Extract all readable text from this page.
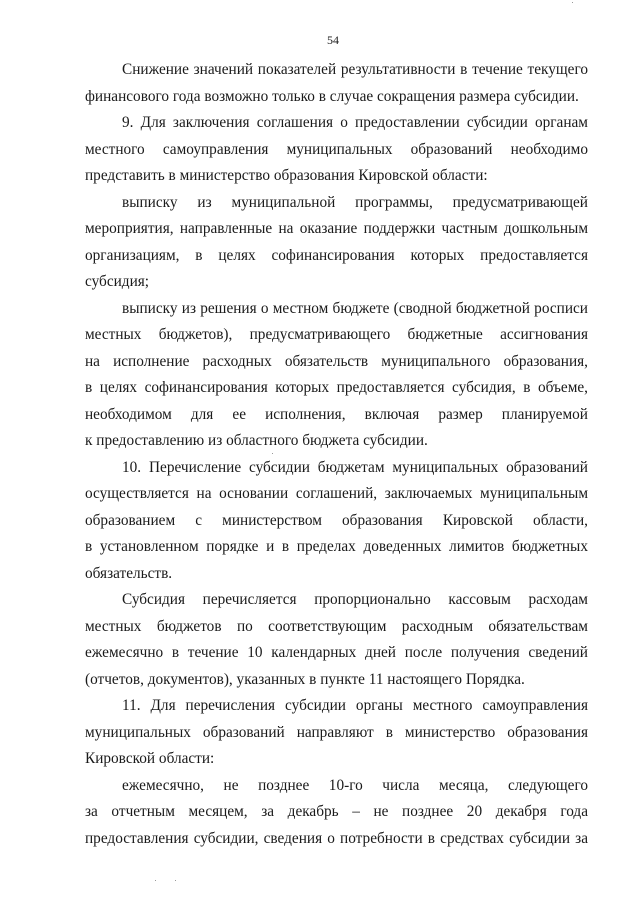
54
Снижение значений показателей результативности в течение текущего
финансового года возможно только в случае сокращения размера субсидии.
9. Для заключения соглашения о предоставлении субсидии органам
местного самоуправления муниципальных образований необходимо
представить в министерство образования Кировской области:
выписку из муниципальной программы, предусматривающей
мероприятия, направленные на оказание поддержки частным дошкольным
организациям, в целях софинансирования которых предоставляется
субсидия;
выписку из решения о местном бюджете (сводной бюджетной росписи
местных бюджетов), предусматривающего бюджетные ассигнования
на исполнение расходных обязательств муниципального образования,
в целях софинансирования которых предоставляется субсидия, в объеме,
необходимом для ее исполнения, включая размер планируемой
к предоставлению из областного бюджета субсидии.
10. Перечисление субсидии бюджетам муниципальных образований
осуществляется на основании соглашений, заключаемых муниципальным
образованием с министерством образования Кировской области,
в установленном порядке и в пределах доведенных лимитов бюджетных
обязательств.
Субсидия перечисляется пропорционально кассовым расходам
местных бюджетов по соответствующим расходным обязательствам
ежемесячно в течение 10 календарных дней после получения сведений
(отчетов, документов), указанных в пункте 11 настоящего Порядка.
11. Для перечисления субсидии органы местного самоуправления
муниципальных образований направляют в министерство образования
Кировской области:
ежемесячно, не позднее 10-го числа месяца, следующего
за отчетным месяцем, за декабрь – не позднее 20 декабря года
предоставления субсидии, сведения о потребности в средствах субсидии за
